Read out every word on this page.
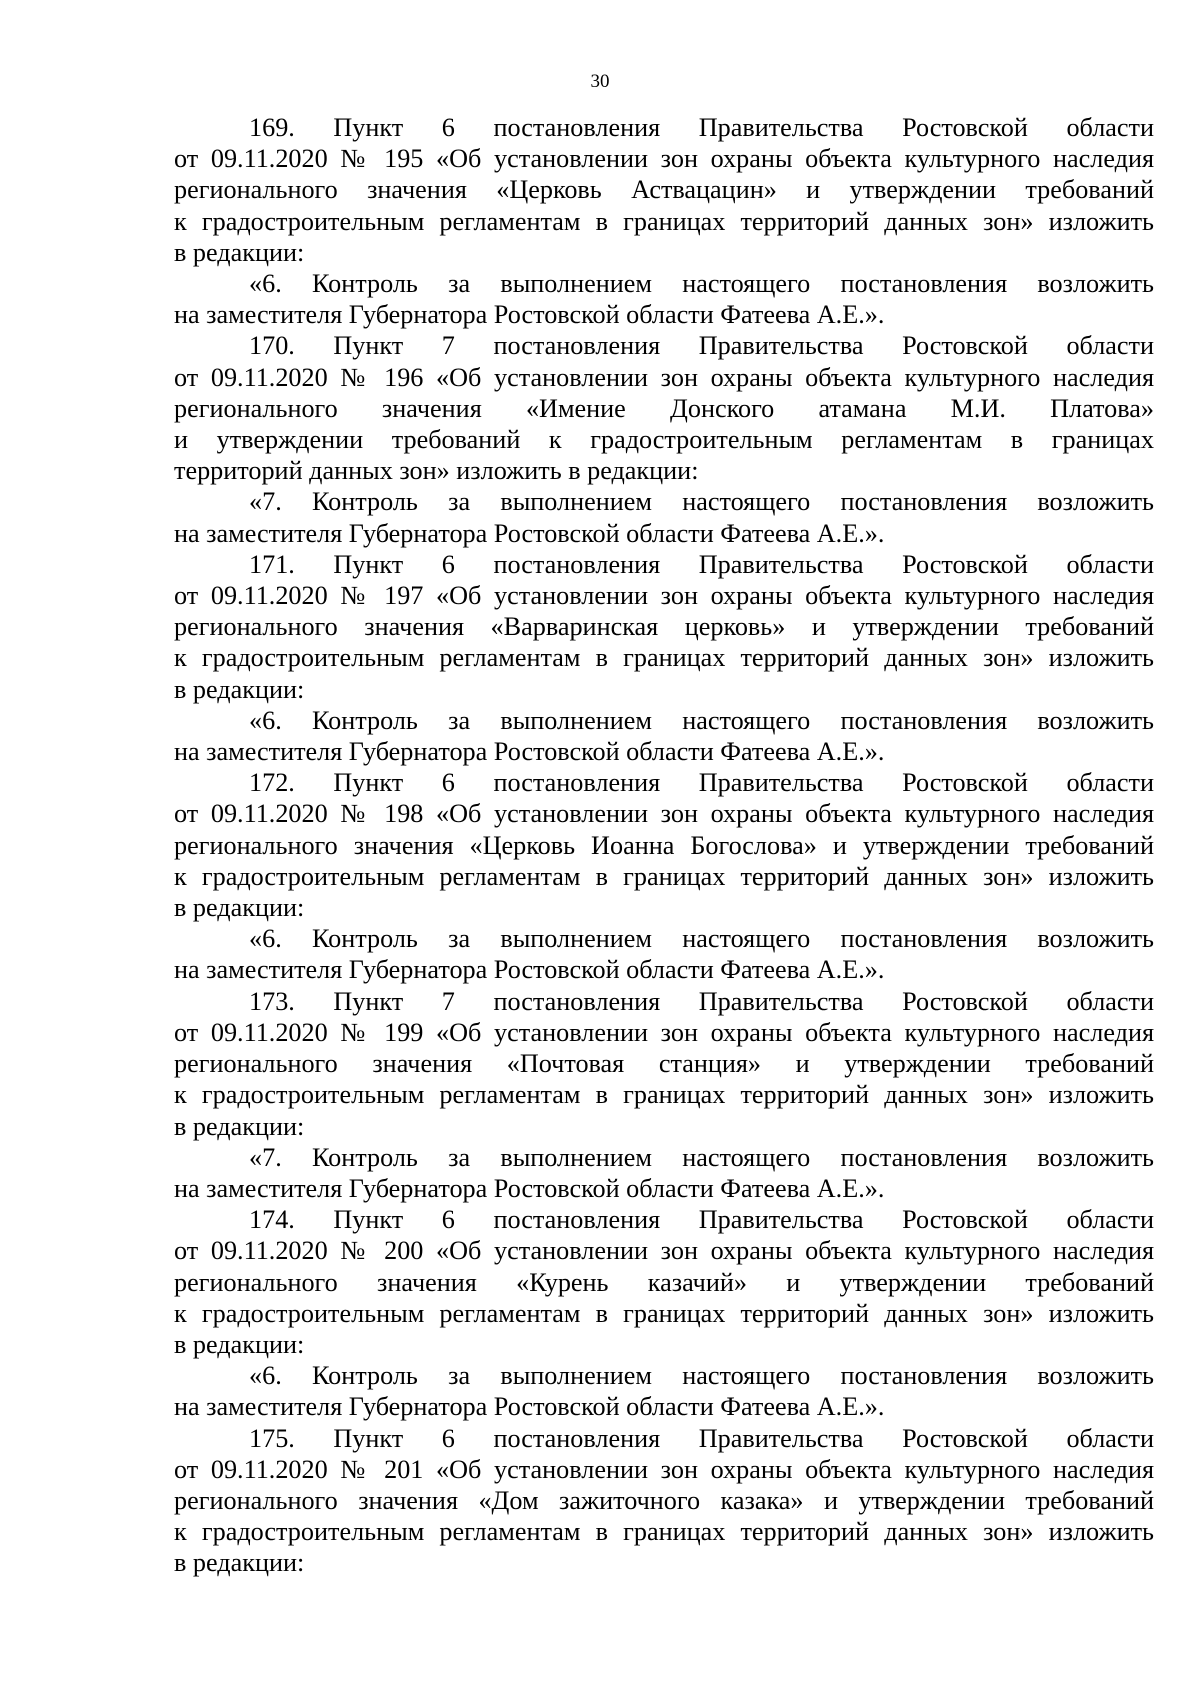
30
169. Пункт 6 постановления Правительства Ростовской области
от 09.11.2020 № 195 «Об установлении зон охраны объекта культурного наследия
регионального значения «Церковь Аствацацин» и утверждении требований
к градостроительным регламентам в границах территорий данных зон» изложить
в редакции:
«6. Контроль за выполнением настоящего постановления возложить
на заместителя Губернатора Ростовской области Фатеева А.Е.».
170. Пункт 7 постановления Правительства Ростовской области
от 09.11.2020 № 196 «Об установлении зон охраны объекта культурного наследия
регионального значения «Имение Донского атамана М.И. Платова»
и утверждении требований к градостроительным регламентам в границах
территорий данных зон» изложить в редакции:
«7. Контроль за выполнением настоящего постановления возложить
на заместителя Губернатора Ростовской области Фатеева А.Е.».
171. Пункт 6 постановления Правительства Ростовской области
от 09.11.2020 № 197 «Об установлении зон охраны объекта культурного наследия
регионального значения «Варваринская церковь» и утверждении требований
к градостроительным регламентам в границах территорий данных зон» изложить
в редакции:
«6. Контроль за выполнением настоящего постановления возложить
на заместителя Губернатора Ростовской области Фатеева А.Е.».
172. Пункт 6 постановления Правительства Ростовской области
от 09.11.2020 № 198 «Об установлении зон охраны объекта культурного наследия
регионального значения «Церковь Иоанна Богослова» и утверждении требований
к градостроительным регламентам в границах территорий данных зон» изложить
в редакции:
«6. Контроль за выполнением настоящего постановления возложить
на заместителя Губернатора Ростовской области Фатеева А.Е.».
173. Пункт 7 постановления Правительства Ростовской области
от 09.11.2020 № 199 «Об установлении зон охраны объекта культурного наследия
регионального значения «Почтовая станция» и утверждении требований
к градостроительным регламентам в границах территорий данных зон» изложить
в редакции:
«7. Контроль за выполнением настоящего постановления возложить
на заместителя Губернатора Ростовской области Фатеева А.Е.».
174. Пункт 6 постановления Правительства Ростовской области
от 09.11.2020 № 200 «Об установлении зон охраны объекта культурного наследия
регионального значения «Курень казачий» и утверждении требований
к градостроительным регламентам в границах территорий данных зон» изложить
в редакции:
«6. Контроль за выполнением настоящего постановления возложить
на заместителя Губернатора Ростовской области Фатеева А.Е.».
175. Пункт 6 постановления Правительства Ростовской области
от 09.11.2020 № 201 «Об установлении зон охраны объекта культурного наследия
регионального значения «Дом зажиточного казака» и утверждении требований
к градостроительным регламентам в границах территорий данных зон» изложить
в редакции:
